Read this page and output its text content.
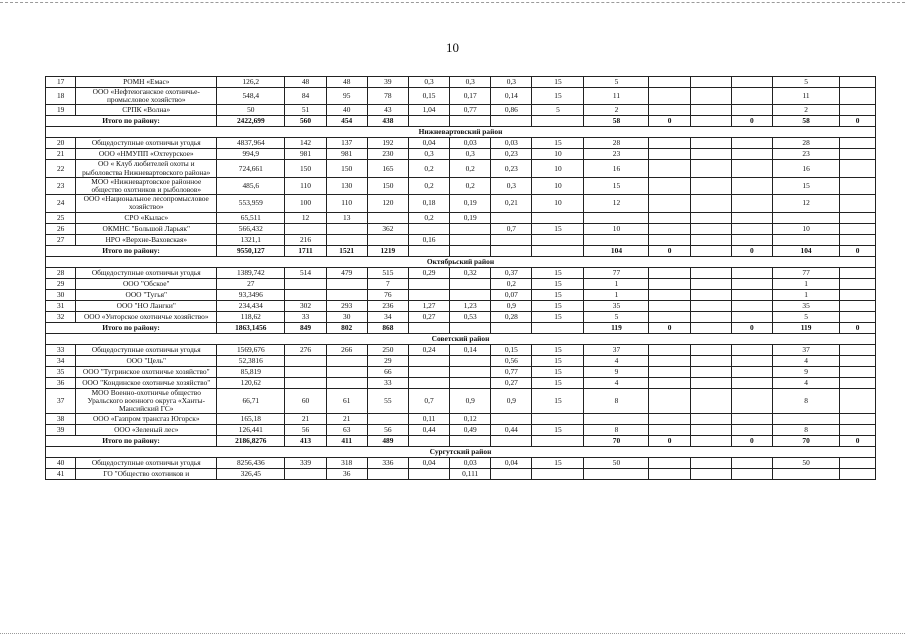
10
17	РОМН «Емас»	126,2	48	48	39	0,3	0,3	0,3	15	5				5	
18	ООО «Нефтеюганское охотничье-промысловое хозяйство»	548,4	84	95	78	0,15	0,17	0,14	15	11				11	
19	СРПК «Волна»	50	51	40	43	1,04	0,77	0,86	5	2				2	
Итого по району:		2422,699	560	454	438					58	0		0	58	0
Нижневартовский район															
20	Общедоступные охотничьи угодья	4837,964	142	137	192	0,04	0,03	0,03	15	28				28	
21	ООО «НМУПП «Охтеурское»	994,9	981	981	230	0,3	0,3	0,23	10	23				23	
22	ОО « Клуб любителей охоты и рыболовства Нижневартовского района»	724,661	150	150	165	0,2	0,2	0,23	10	16				16	
23	МОО «Нижневартовское районное общество охотников и рыболовов»	485,6	110	130	150	0,2	0,2	0,3	10	15				15	
24	ООО «Национальное лесопромысловое хозяйство»	553,959	100	110	120	0,18	0,19	0,21	10	12				12	
25	СРО «Кылас»	65,511	12	13		0,2	0,19								
26	ОКМНС "Большой Ларьяк"	566,432			362			0,7	15	10				10	
27	НРО «Верхне-Ваховская»	1321,1	216			0,16									
Итого по району:		9550,127	1711	1521	1219					104	0		0	104	0
Октябрьский район															
28	Общедоступные охотничьи угодья	1389,742	514	479	515	0,29	0,32	0,37	15	77				77	
29	ООО "Обское"	27			7			0,2	15	1				1	
30	ООО "Тугья"	93,3496			76			0,07	15	1				1	
31	ООО "НО Лангки"	234,434	302	293	236	1,27	1,23	0,9	15	35				35	
32	ООО «Унторское охотничье хозяйство»	118,62	33	30	34	0,27	0,53	0,28	15	5				5	
Итого по району:		1863,1456	849	802	868					119	0		0	119	0
Советский район															
33	Общедоступные охотничьи угодья	1569,676	276	266	250	0,24	0,14	0,15	15	37				37	
34	ООО "Цель"	52,3816			29			0,56	15	4				4	
35	ООО "Тугринское охотничье хозяйство"	85,819			66			0,77	15	9				9	
36	ООО "Кондинское охотничье хозяйство"	120,62			33			0,27	15	4				4	
37	МОО Военно-охотничье общество Уральского военного округа «Ханты-Мансийский ГС»	66,71	60	61	55	0,7	0,9	0,9	15	8				8	
38	ООО «Газпром трансгаз Югорск»	165,18	21	21		0,11	0,12								
39	ООО «Зеленый лес»	126,441	56	63	56	0,44	0,49	0,44	15	8				8	
Итого по району:		2186,8276	413	411	489					70	0		0	70	0
Сургутский район															
40	Общедоступные охотничьи угодья	8256,436	339	318	336	0,04	0,03	0,04	15	50				50	
41	ГО "Общество охотников и	326,45		36			0,111								
